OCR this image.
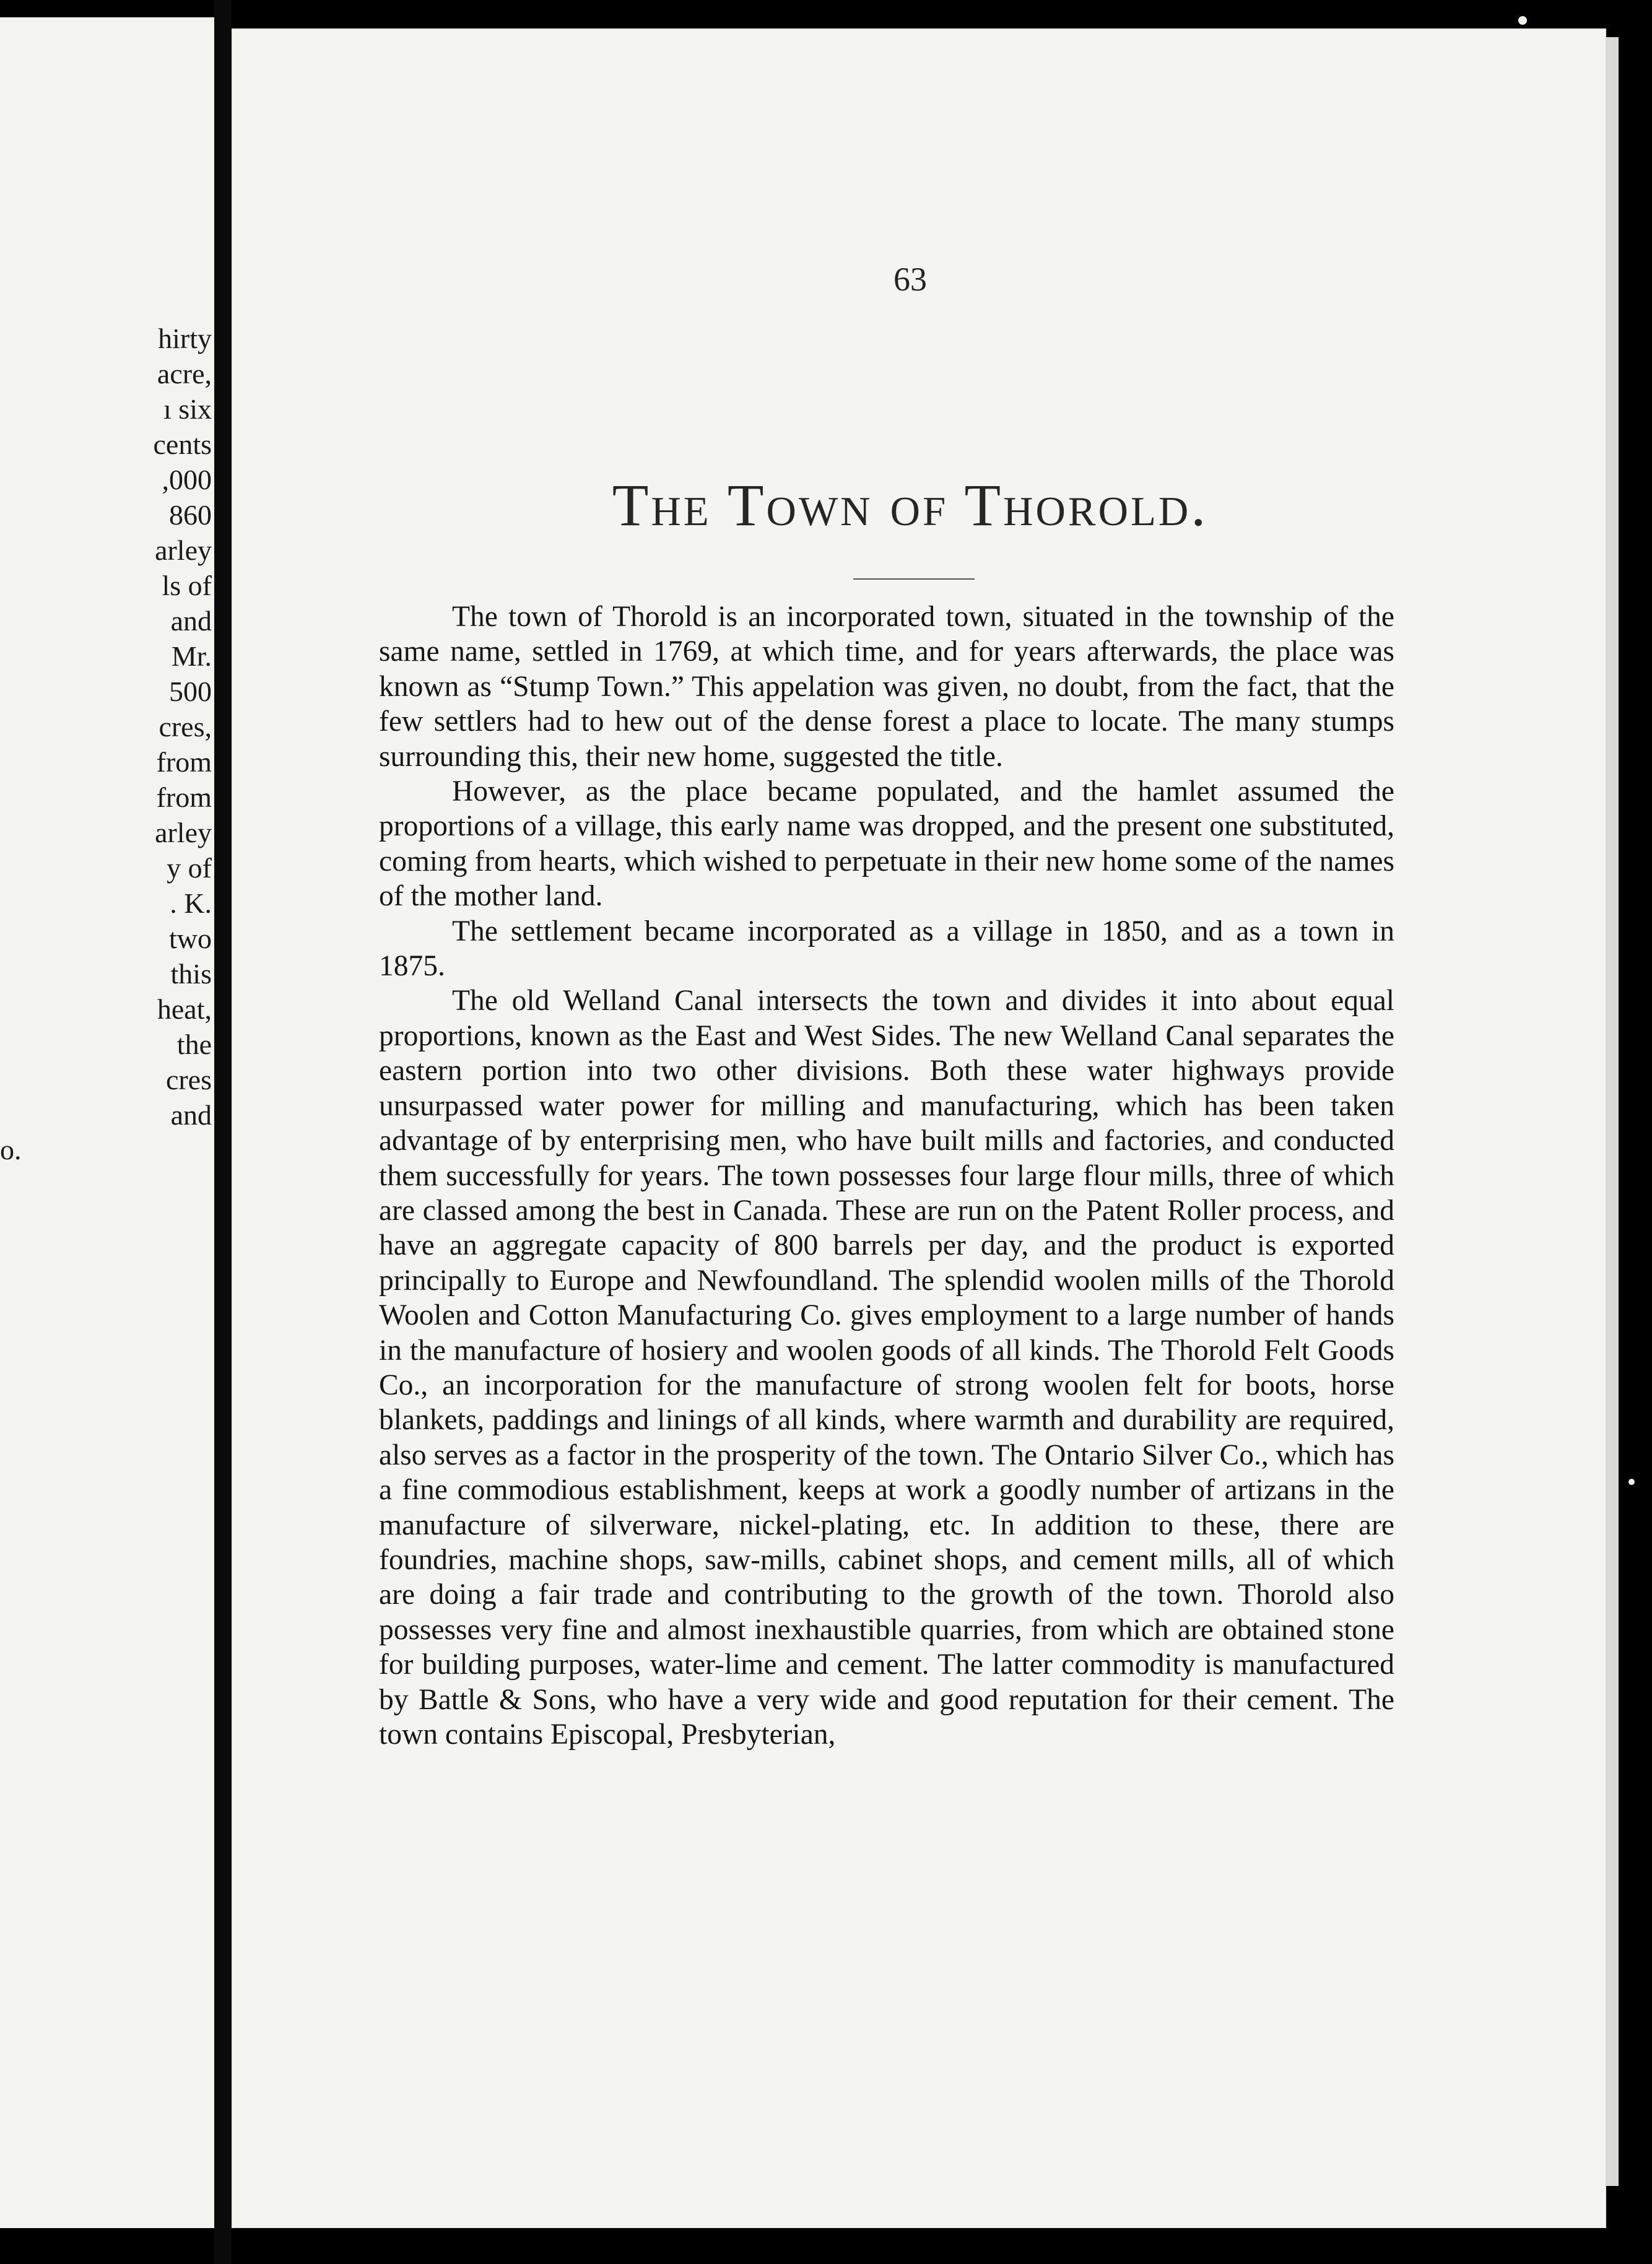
hirty
acre,
ı six
cents
,000
860
arley
ls of
and
Mr.
500
cres,
from
from
arley
y of
. K.
two
this
heat,
the
cres
and
o.
63
The Town of Thorold.

The town of Thorold is an incorporated town, situated in the township of the same name, settled in 1769, at which time, and for years afterwards, the place was known as “Stump Town.” This appelation was given, no doubt, from the fact, that the few settlers had to hew out of the dense forest a place to locate. The many stumps surrounding this, their new home, suggested the title.

However, as the place became populated, and the hamlet assumed the proportions of a village, this early name was dropped, and the present one substituted, coming from hearts, which wished to perpetuate in their new home some of the names of the mother land.

The settlement became incorporated as a village in 1850, and as a town in 1875.

The old Welland Canal intersects the town and divides it into about equal proportions, known as the East and West Sides. The new Welland Canal separates the eastern portion into two other divisions. Both these water highways provide unsurpassed water power for milling and manufacturing, which has been taken advantage of by enterprising men, who have built mills and factories, and conducted them successfully for years. The town possesses four large flour mills, three of which are classed among the best in Canada. These are run on the Patent Roller process, and have an aggregate capacity of 800 barrels per day, and the product is exported principally to Europe and Newfoundland. The splendid woolen mills of the Thorold Woolen and Cotton Manufacturing Co. gives employment to a large number of hands in the manufacture of hosiery and woolen goods of all kinds. The Thorold Felt Goods Co., an incorporation for the manufacture of strong woolen felt for boots, horse blankets, paddings and linings of all kinds, where warmth and durability are required, also serves as a factor in the prosperity of the town. The Ontario Silver Co., which has a fine commodious establishment, keeps at work a goodly number of artizans in the manufacture of silverware, nickel-plating, etc. In addition to these, there are foundries, machine shops, saw-mills, cabinet shops, and cement mills, all of which are doing a fair trade and contributing to the growth of the town. Thorold also possesses very fine and almost inexhaustible quarries, from which are obtained stone for building purposes, water-lime and cement. The latter commodity is manufactured by Battle & Sons, who have a very wide and good reputation for their cement. The town contains Episcopal, Presbyterian,
